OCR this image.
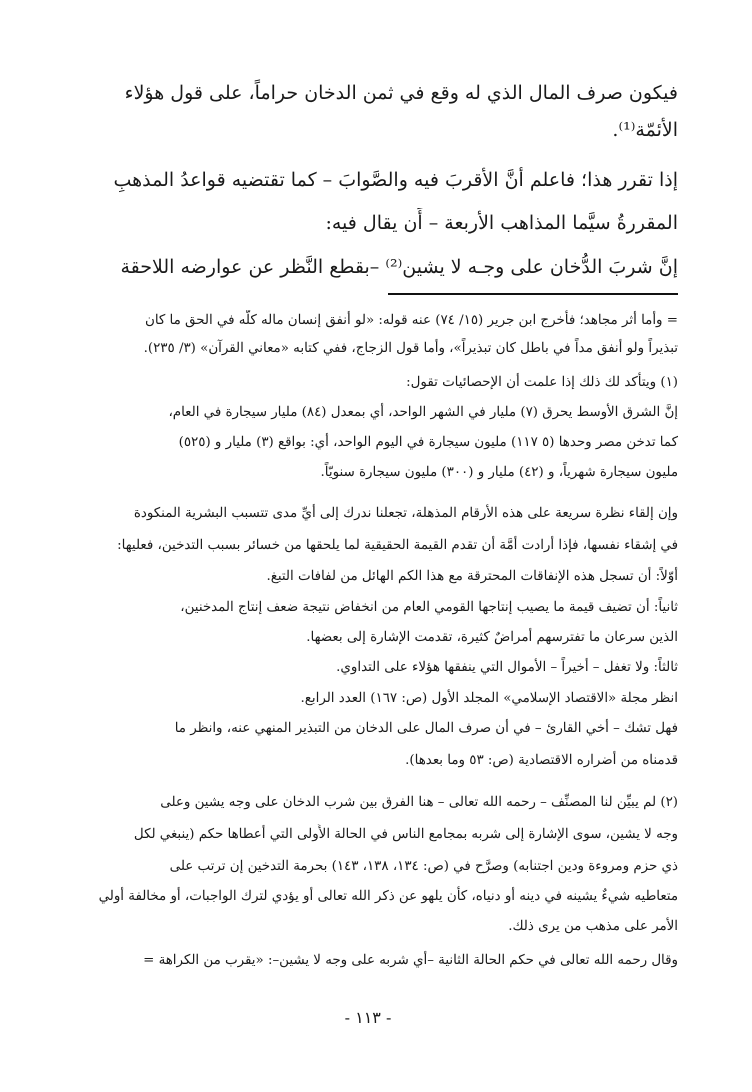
فيكون صرف المال الذي له وقع في ثمن الدخان حراماً، على قول هؤلاء
الأئمّة⁽¹⁾.
إذا تقرر هذا؛ فاعلم أنَّ الأقربَ فيه والصَّوابَ – كما تقتضيه قواعدُ المذهبِ
المقررةُ سيَّما المذاهب الأربعة – أَن يقال فيه:
إنَّ شربَ الدُّخان على وجـه لا يشين⁽²⁾ –بقطع النَّظر عن عوارضه اللاحقة
= وأما أثر مجاهد؛ فأخرج ابن جرير (١٥/ ٧٤) عنه قوله: «لو أنفق إنسان ماله كلّه في الحق ما كان
تبذيراً ولو أنفق مداً في باطل كان تبذيراً»، وأما قول الزجاج، ففي كتابه «معاني القرآن» (٣/ ٢٣٥).
(١) ويتأكد لك ذلك إذا علمت أن الإحصائيات تقول:
إنَّ الشرق الأوسط يحرق (٧) مليار في الشهر الواحد، أي بمعدل (٨٤) مليار سيجارة في العام،
كما تدخن مصر وحدها (٥ ١١٧) مليون سيجارة في اليوم الواحد، أي: بواقع (٣) مليار و (٥٢٥)
مليون سيجارة شهرياً، و (٤٢) مليار و (٣٠٠) مليون سيجارة سنويّاً.
وإن إلقاء نظرة سريعة على هذه الأرقام المذهلة، تجعلنا ندرك إلى أيِّ مدى تتسبب البشرية المنكودة
في إشقاء نفسها، فإذا أرادت أُمَّة أن تقدم القيمة الحقيقية لما يلحقها من خسائر بسبب التدخين، فعليها:
أوّلاً: أن تسجل هذه الإنفاقات المحترقة مع هذا الكم الهائل من لفافات التبغ.
ثانياً: أن تضيف قيمة ما يصيب إنتاجها القومي العام من انخفاض نتيجة ضعف إنتاج المدخنين،
الذين سرعان ما تفترسهم أمراضٌ كثيرة، تقدمت الإشارة إلى بعضها.
ثالثاً: ولا تغفل – أخيراً – الأموال التي ينفقها هؤلاء على التداوي.
انظر مجلة «الاقتصاد الإسلامي» المجلد الأول (ص: ١٦٧) العدد الرابع.
فهل تشك – أخي القارئ – في أن صرف المال على الدخان من التبذير المنهي عنه، وانظر ما
قدمناه من أضراره الاقتصادية (ص: ٥٣ وما بعدها).
(٢) لم يبيِّن لنا المصنِّف – رحمه الله تعالى – هنا الفرق بين شرب الدخان على وجه يشين وعلى
وجه لا يشين، سوى الإشارة إلى شربه بمجامع الناس في الحالة الأُولى التي أعطاها حكم (ينبغي لكل
ذي حزم ومروءة ودين اجتنابه) وصرَّح في (ص: ١٣٤، ١٣٨، ١٤٣) بحرمة التدخين إن ترتب على
متعاطيه شيءٌ يشينه في دينه أو دنياه، كأن يلهو عن ذكر الله تعالى أو يؤدي لترك الواجبات، أو مخالفة أُولي
الأمر على مذهب من يرى ذلك.
وقال رحمه الله تعالى في حكم الحالة الثانية –أي شربه على وجه لا يشين–: «يقرب من الكراهة =
- ١١٣ -
